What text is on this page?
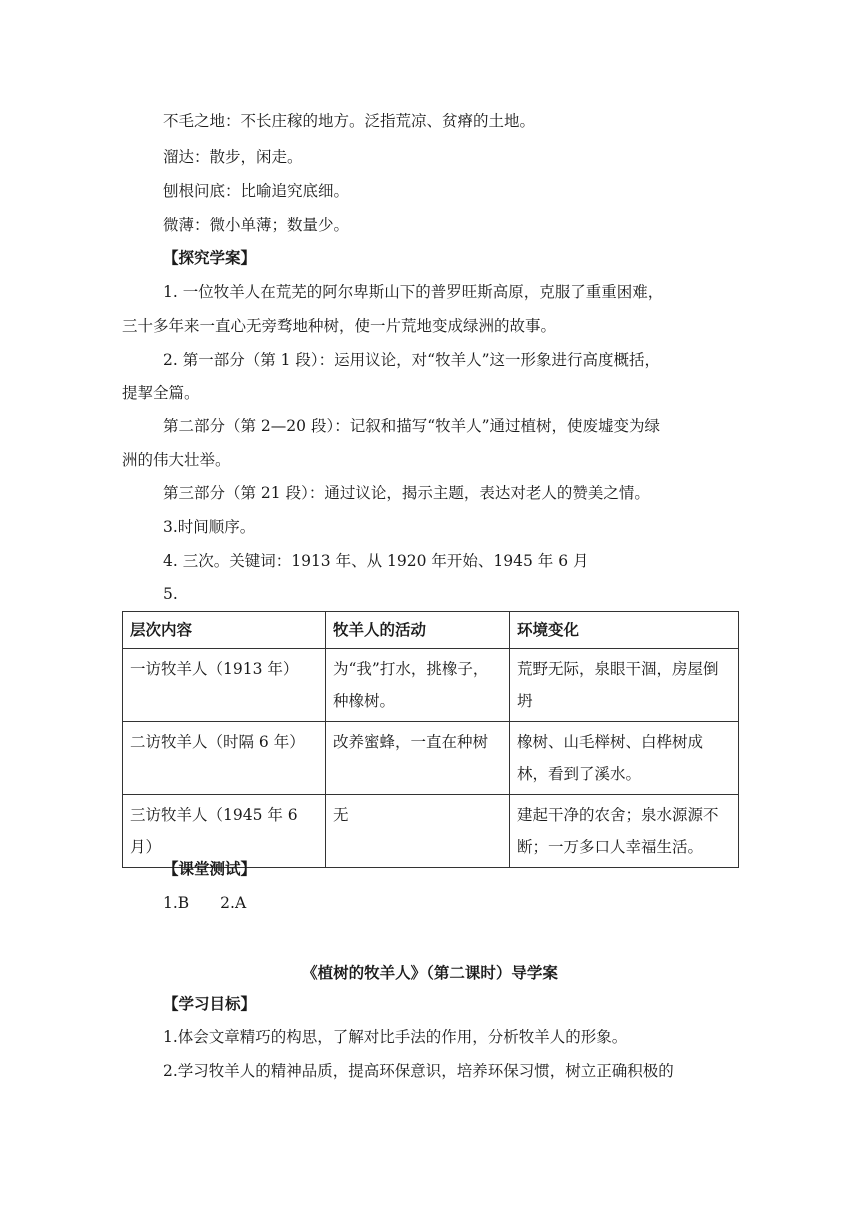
不毛之地：不长庄稼的地方。泛指荒凉、贫瘠的土地。
溜达：散步，闲走。
刨根问底：比喻追究底细。
微薄：微小单薄；数量少。
【探究学案】
1. 一位牧羊人在荒芜的阿尔卑斯山下的普罗旺斯高原，克服了重重困难，
三十多年来一直心无旁骛地种树，使一片荒地变成绿洲的故事。
2. 第一部分（第 1 段）：运用议论，对“牧羊人”这一形象进行高度概括，
提挈全篇。
第二部分（第 2—20 段）：记叙和描写“牧羊人”通过植树，使废墟变为绿
洲的伟大壮举。
第三部分（第 21 段）：通过议论，揭示主题，表达对老人的赞美之情。
3.时间顺序。
4. 三次。关键词：1913 年、从 1920 年开始、1945 年 6 月
5.
层次内容	牧羊人的活动	环境变化
一访牧羊人（1913 年）	为“我”打水，挑橡子，种橡树。	荒野无际，泉眼干涸，房屋倒坍
二访牧羊人（时隔 6 年）	改养蜜蜂，一直在种树	橡树、山毛榉树、白桦树成林，看到了溪水。
三访牧羊人（1945 年 6 月）	无	建起干净的农舍；泉水源源不断；一万多口人幸福生活。
【课堂测试】
1.B　　2.A
《植树的牧羊人》（第二课时）导学案
【学习目标】
1.体会文章精巧的构思，了解对比手法的作用，分析牧羊人的形象。
2.学习牧羊人的精神品质，提高环保意识，培养环保习惯，树立正确积极的
